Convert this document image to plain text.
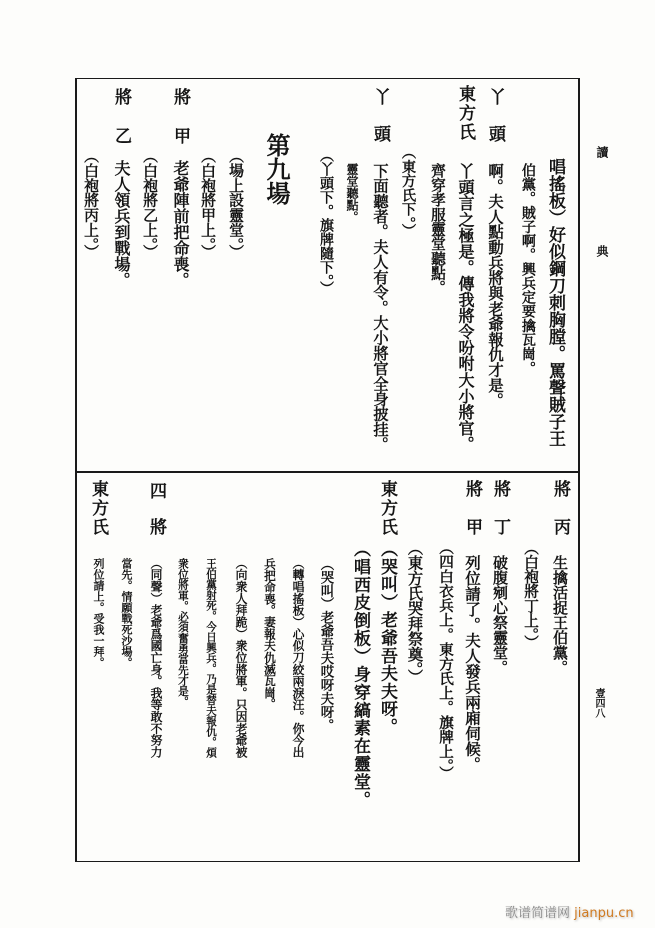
讀
典
壹四八
唱搖板）好似鋼刀刺胸膛。罵聲賊子王
伯黨。賊子啊。興兵定要擒瓦崗。
丫頭
啊。夫人點動兵將與老爺報仇才是。
東方氏
丫頭言之極是。傳我將令吩咐大小將官。
齊穿孝服靈堂聽點。
（東方氏下。）
丫頭
下面聽者。夫人有令。大小將官全身披挂。
靈堂聽點。
（丫頭下。旗牌隨下。）
第九場
（場上設靈堂。）
（白袍將甲上。）
將甲
老爺陣前把命喪。
（白袍將乙上。）
將乙
夫人領兵到戰場。
（白袍將丙上。）
將丙
生擒活捉王伯黨。
（白袍將丁上。）
將丁
破腹剜心祭靈堂。
將甲
列位請了。夫人發兵兩廂伺候。
（四白衣兵上。東方氏上。旗牌上。）
（東方氏哭拜祭奠。）
東方氏
（哭叫）老爺吾夫夫呀。
（唱西皮倒板）身穿縞素在靈堂。
（哭叫）老爺吾夫哎呀夫呀。
（轉唱搖板）心似刀絞兩淚汪。你今出
兵把命喪。妻報夫仇滅瓦崗。
（向衆人拜跪）衆位將軍。只因老爺被
王伯黨射死。今日興兵。乃是替夫報仇。煩
衆位將軍。必須奮勇當先才是。
四將
（同聲）老爺爲國亡身。我等敢不努力
當先。情願戰死沙場。
東方氏
列位請上。受我一拜。
歌谱简谱网 jianpu.cn
